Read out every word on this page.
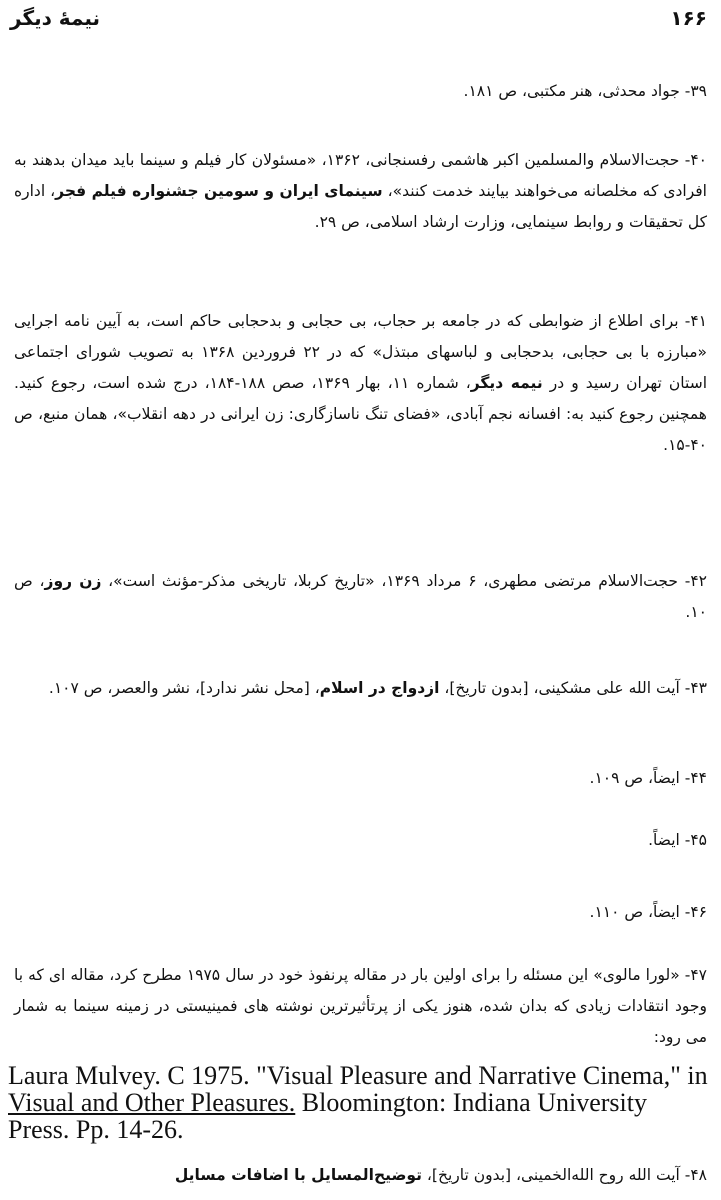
نیمهٔ دیگر	۱۶۶
۳۹- جواد محدثی، هنر مکتبی، ص ۱۸۱.
۴۰- حجت‌الاسلام والمسلمین اکبر هاشمی رفسنجانی، ۱۳۶۲، «مسئولان کار فیلم و سینما باید میدان بدهند به افرادی که مخلصانه می‌خواهند بیایند خدمت کنند»، سینمای ایران و سومین جشنواره فیلم فجر، اداره کل تحقیقات و روابط سینمایی، وزارت ارشاد اسلامی، ص ۲۹.
۴۱- برای اطلاع از ضوابطی که در جامعه بر حجاب، بی حجابی و بدحجابی حاکم است، به آیین نامه اجرایی «مبارزه با بی حجابی، بدحجابی و لباسهای مبتذل» که در ۲۲ فروردین ۱۳۶۸ به تصویب شورای اجتماعی استان تهران رسید و در نیمه دیگر، شماره ۱۱، بهار ۱۳۶۹، صص ۱۸۸-۱۸۴، درج شده است، رجوع کنید. همچنین رجوع کنید به: افسانه نجم آبادی، «فضای تنگ ناسازگاری: زن ایرانی در دهه انقلاب»، همان منبع، ص ۴۰-۱۵.
۴۲- حجت‌الاسلام مرتضی مطهری، ۶ مرداد ۱۳۶۹، «تاریخ کربلا، تاریخی مذکر-مؤنث است»، زن روز، ص ۱۰.
۴۳- آیت الله علی مشکینی، [بدون تاریخ]، ازدواج در اسلام، [محل نشر ندارد]، نشر والعصر، ص ۱۰۷.
۴۴- ایضاً، ص ۱۰۹.
۴۵- ایضاً.
۴۶- ایضاً، ص ۱۱۰.
۴۷- «لورا مالوی» این مسئله را برای اولین بار در مقاله پرنفوذ خود در سال ۱۹۷۵ مطرح کرد، مقاله ای که با وجود انتقادات زیادی که بدان شده، هنوز یکی از پرتأثیرترین نوشته های فمینیستی در زمینه سینما به شمار می رود:
Laura Mulvey. C 1975. "Visual Pleasure and Narrative Cinema," in Visual and Other Pleasures. Bloomington: Indiana University Press. Pp. 14-26.
۴۸- آیت الله روح الله‌الخمینی، [بدون تاریخ]، توضیح‌المسایل با اضافات مسایل
